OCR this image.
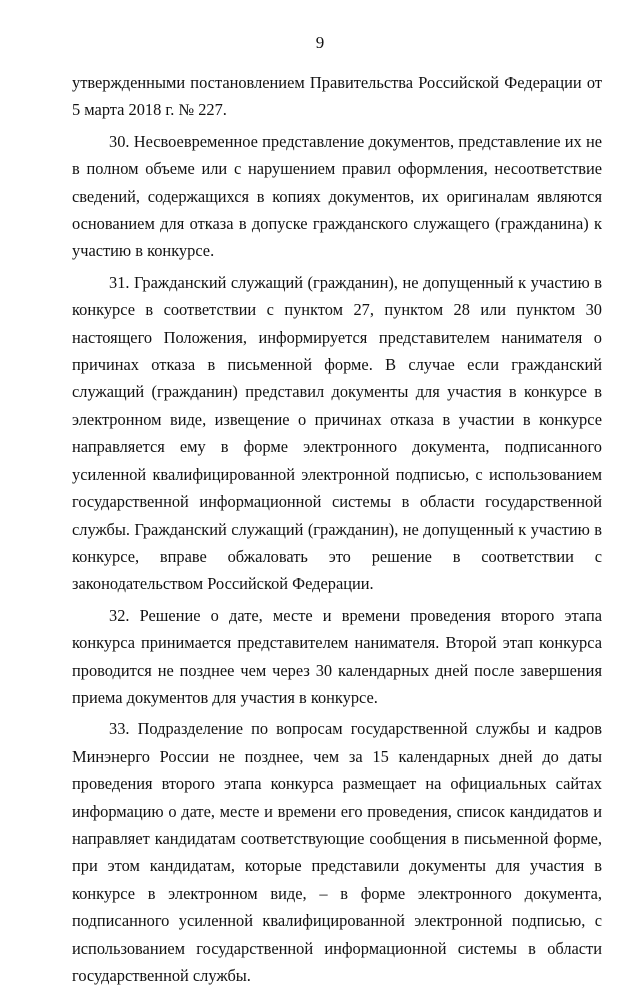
9

утвержденными постановлением Правительства Российской Федерации от 5 марта 2018 г. № 227.

30. Несвоевременное представление документов, представление их не в полном объеме или с нарушением правил оформления, несоответствие сведений, содержащихся в копиях документов, их оригиналам являются основанием для отказа в допуске гражданского служащего (гражданина) к участию в конкурсе.

31. Гражданский служащий (гражданин), не допущенный к участию в конкурсе в соответствии с пунктом 27, пунктом 28 или пунктом 30 настоящего Положения, информируется представителем нанимателя о причинах отказа в письменной форме. В случае если гражданский служащий (гражданин) представил документы для участия в конкурсе в электронном виде, извещение о причинах отказа в участии в конкурсе направляется ему в форме электронного документа, подписанного усиленной квалифицированной электронной подписью, с использованием государственной информационной системы в области государственной службы. Гражданский служащий (гражданин), не допущенный к участию в конкурсе, вправе обжаловать это решение в соответствии с законодательством Российской Федерации.

32. Решение о дате, месте и времени проведения второго этапа конкурса принимается представителем нанимателя. Второй этап конкурса проводится не позднее чем через 30 календарных дней после завершения приема документов для участия в конкурсе.

33. Подразделение по вопросам государственной службы и кадров Минэнерго России не позднее, чем за 15 календарных дней до даты проведения второго этапа конкурса размещает на официальных сайтах информацию о дате, месте и времени его проведения, список кандидатов и направляет кандидатам соответствующие сообщения в письменной форме, при этом кандидатам, которые представили документы для участия в конкурсе в электронном виде, – в форме электронного документа, подписанного усиленной квалифицированной электронной подписью, с использованием государственной информационной системы в области государственной службы.
